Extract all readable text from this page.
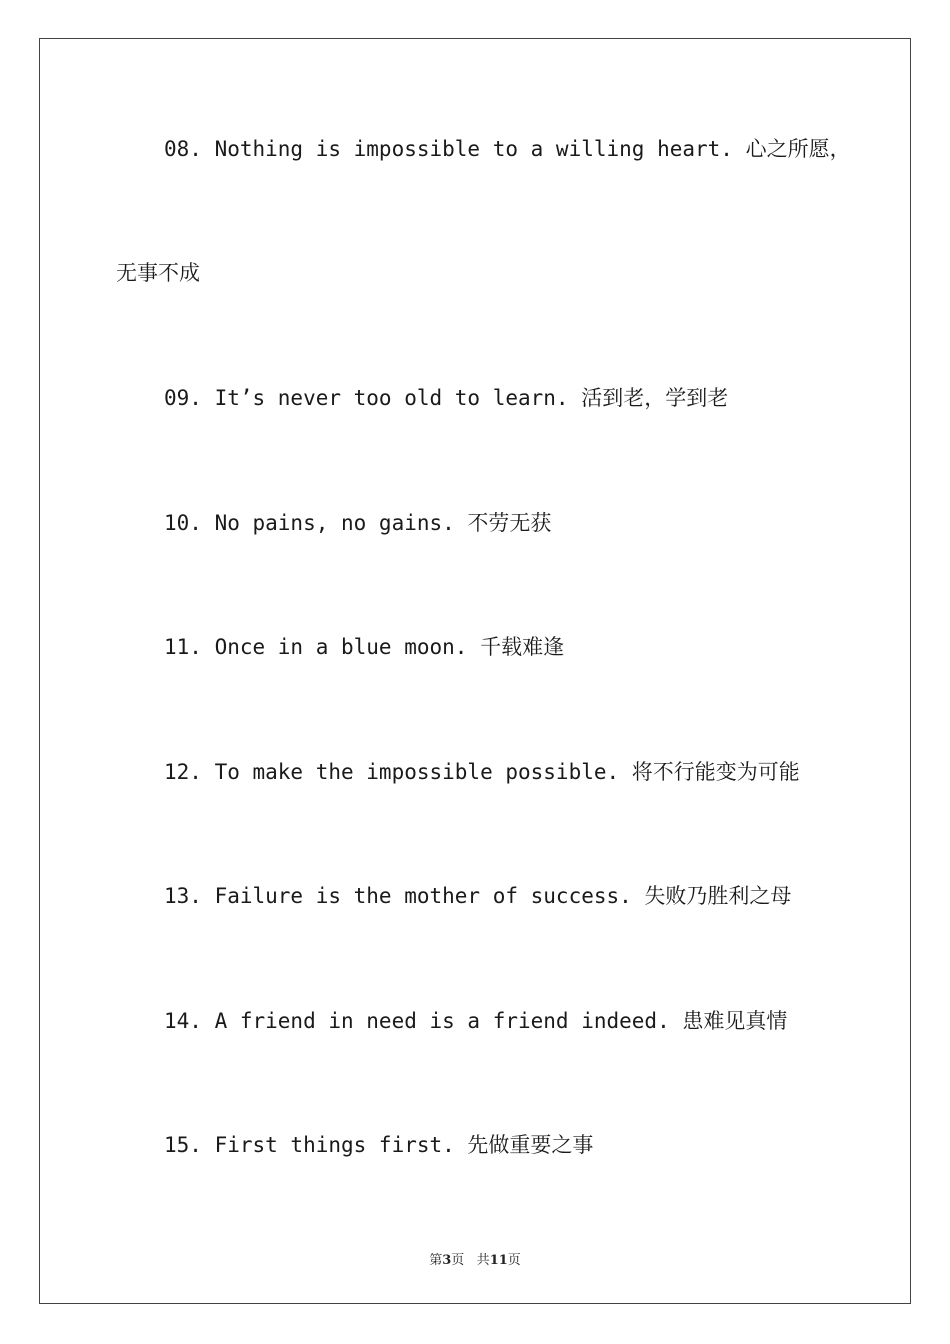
08. Nothing is impossible to a willing heart. 心之所愿，
无事不成
09. It’s never too old to learn. 活到老，学到老
10. No pains, no gains. 不劳无获
11. Once in a blue moon. 千载难逢
12. To make the impossible possible. 将不行能变为可能
13. Failure is the mother of success. 失败乃胜利之母
14. A friend in need is a friend indeed. 患难见真情
15. First things first. 先做重要之事
第3页 共11页
